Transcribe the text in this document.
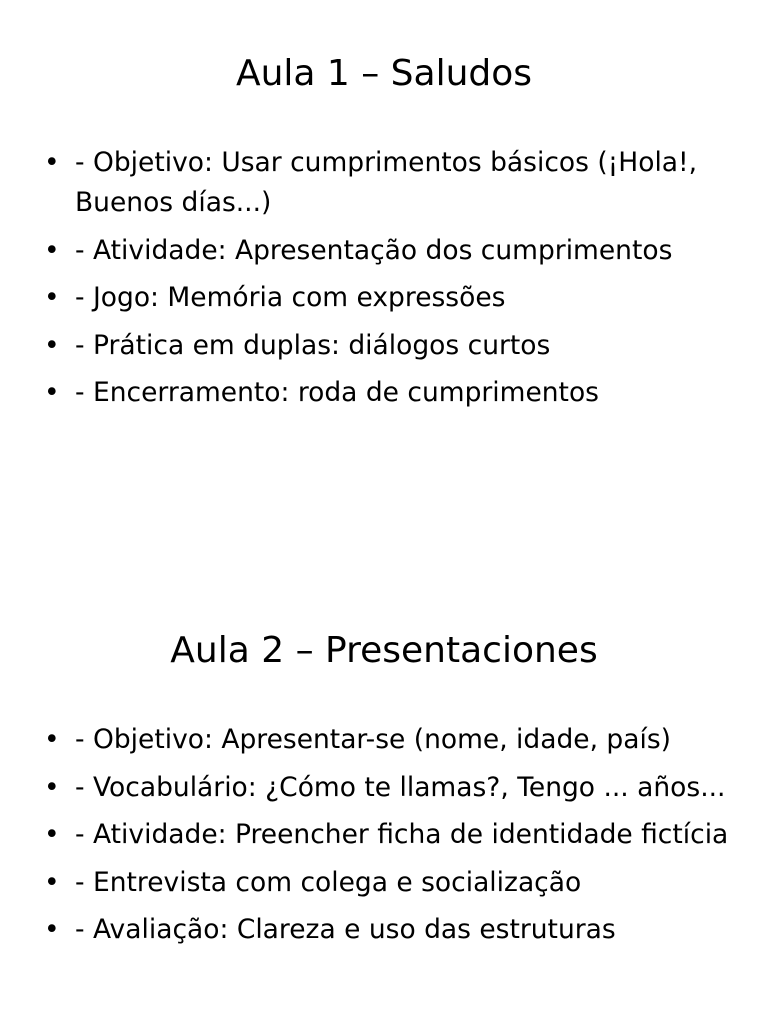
Aula 1 – Saludos
• - Objetivo: Usar cumprimentos básicos (¡Hola!, Buenos días...)
• - Atividade: Apresentação dos cumprimentos
• - Jogo: Memória com expressões
• - Prática em duplas: diálogos curtos
• - Encerramento: roda de cumprimentos
Aula 2 – Presentaciones
• - Objetivo: Apresentar-se (nome, idade, país)
• - Vocabulário: ¿Cómo te llamas?, Tengo ... años...
• - Atividade: Preencher ficha de identidade fictícia
• - Entrevista com colega e socialização
• - Avaliação: Clareza e uso das estruturas
